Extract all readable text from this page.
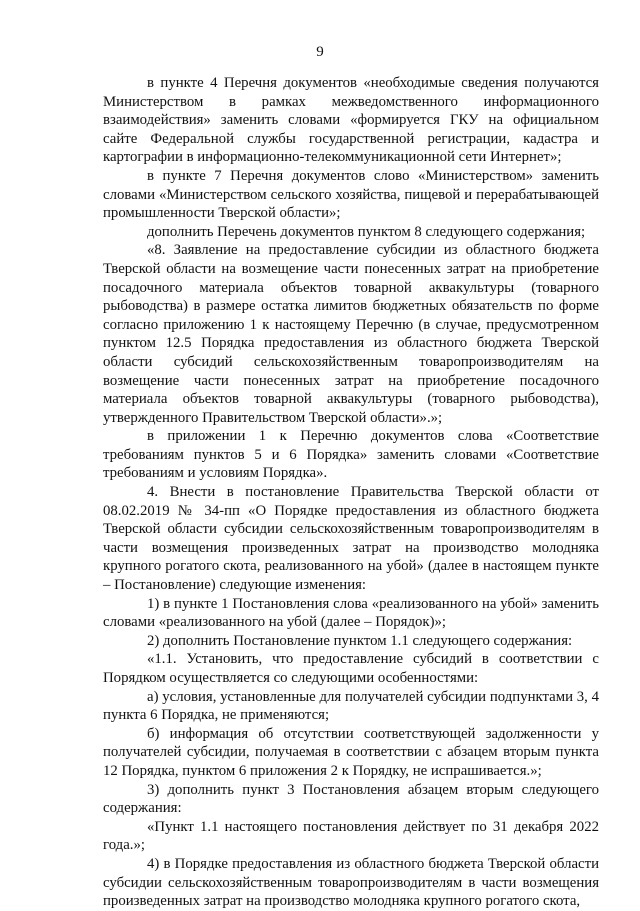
9

в пункте 4 Перечня документов «необходимые сведения получаются Министерством в рамках межведомственного информационного взаимодействия» заменить словами «формируется ГКУ на официальном сайте Федеральной службы государственной регистрации, кадастра и картографии в информационно-телекоммуникационной сети Интернет»;

в пункте 7 Перечня документов слово «Министерством» заменить словами «Министерством сельского хозяйства, пищевой и перерабатывающей промышленности Тверской области»;

дополнить Перечень документов пунктом 8 следующего содержания;

«8. Заявление на предоставление субсидии из областного бюджета Тверской области на возмещение части понесенных затрат на приобретение посадочного материала объектов товарной аквакультуры (товарного рыбоводства) в размере остатка лимитов бюджетных обязательств по форме согласно приложению 1 к настоящему Перечню (в случае, предусмотренном пунктом 12.5 Порядка предоставления из областного бюджета Тверской области субсидий сельскохозяйственным товаропроизводителям на возмещение части понесенных затрат на приобретение посадочного материала объектов товарной аквакультуры (товарного рыбоводства), утвержденного Правительством Тверской области».»;

в приложении 1 к Перечню документов слова «Соответствие требованиям пунктов 5 и 6 Порядка» заменить словами «Соответствие требованиям и условиям Порядка».

4. Внести в постановление Правительства Тверской области от 08.02.2019 № 34-пп «О Порядке предоставления из областного бюджета Тверской области субсидии сельскохозяйственным товаропроизводителям в части возмещения произведенных затрат на производство молодняка крупного рогатого скота, реализованного на убой» (далее в настоящем пункте – Постановление) следующие изменения:

1) в пункте 1 Постановления слова «реализованного на убой» заменить словами «реализованного на убой (далее – Порядок)»;

2) дополнить Постановление пунктом 1.1 следующего содержания:

«1.1. Установить, что предоставление субсидий в соответствии с Порядком осуществляется со следующими особенностями:

а) условия, установленные для получателей субсидии подпунктами 3, 4 пункта 6 Порядка, не применяются;

б) информация об отсутствии соответствующей задолженности у получателей субсидии, получаемая в соответствии с абзацем вторым пункта 12 Порядка, пунктом 6 приложения 2 к Порядку, не испрашивается.»;

3) дополнить пункт 3 Постановления абзацем вторым следующего содержания:

«Пункт 1.1 настоящего постановления действует по 31 декабря 2022 года.»;

4) в Порядке предоставления из областного бюджета Тверской области субсидии сельскохозяйственным товаропроизводителям в части возмещения произведенных затрат на производство молодняка крупного рогатого скота,
